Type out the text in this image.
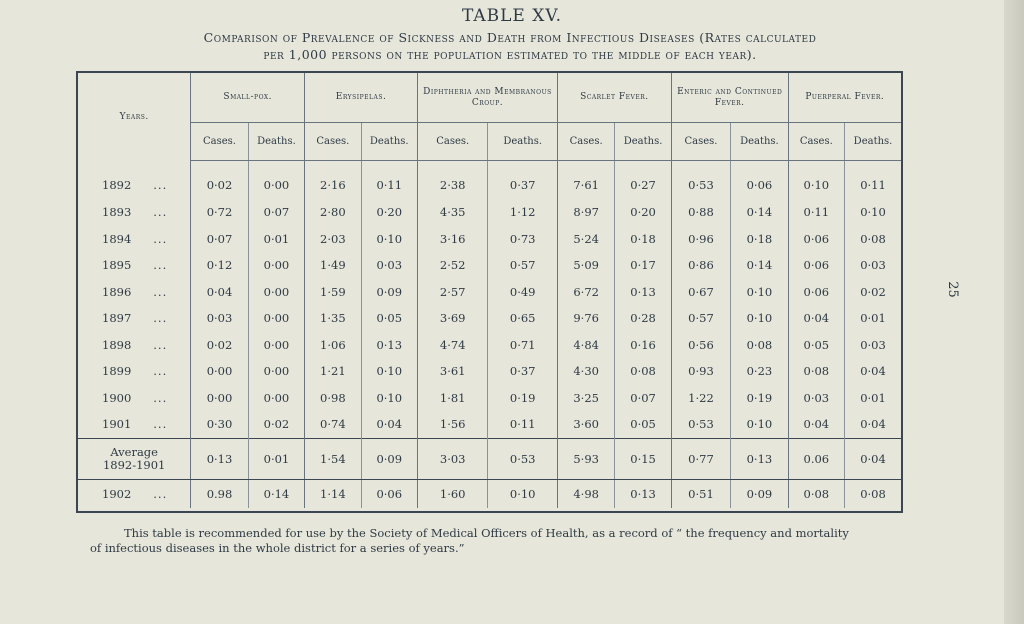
TABLE XV.
Comparison of Prevalence of Sickness and Death from Infectious Diseases (Rates calculated
per 1,000 persons on the population estimated to the middle of each year).
Years.	Small-pox.		Erysipelas.		Diphtheria and Membranous Croup.		Scarlet Fever.		Enteric and Continued Fever.		Puerperal Fever.	
	Cases.	Deaths.	Cases.	Deaths.	Cases.	Deaths.	Cases.	Deaths.	Cases.	Deaths.	Cases.	Deaths.
1892 ...	0·02	0·00	2·16	0·11	2·38	0·37	7·61	0·27	0·53	0·06	0·10	0·11
1893 ...	0·72	0·07	2·80	0·20	4·35	1·12	8·97	0·20	0·88	0·14	0·11	0·10
1894 ...	0·07	0·01	2·03	0·10	3·16	0·73	5·24	0·18	0·96	0·18	0·06	0·08
1895 ...	0·12	0·00	1·49	0·03	2·52	0·57	5·09	0·17	0·86	0·14	0·06	0·03
1896 ...	0·04	0·00	1·59	0·09	2·57	0·49	6·72	0·13	0·67	0·10	0·06	0·02
1897 ...	0·03	0·00	1·35	0·05	3·69	0·65	9·76	0·28	0·57	0·10	0·04	0·01
1898 ...	0·02	0·00	1·06	0·13	4·74	0·71	4·84	0·16	0·56	0·08	0·05	0·03
1899 ...	0·00	0·00	1·21	0·10	3·61	0·37	4·30	0·08	0·93	0·23	0·08	0·04
1900 ...	0·00	0·00	0·98	0·10	1·81	0·19	3·25	0·07	1·22	0·19	0·03	0·01
1901 ...	0·30	0·02	0·74	0·04	1·56	0·11	3·60	0·05	0·53	0·10	0·04	0·04

Average
1892-1901	0·13	0·01	1·54	0·09	3·03	0·53	5·93	0·15	0·77	0·13	0.06	0·04
1902 ...	0.98	0·14	1·14	0·06	1·60	0·10	4·98	0·13	0·51	0·09	0·08	0·08
25
This table is recommended for use by the Society of Medical Officers of Health, as a record of “ the frequency and mortality
of infectious diseases in the whole district for a series of years.”
